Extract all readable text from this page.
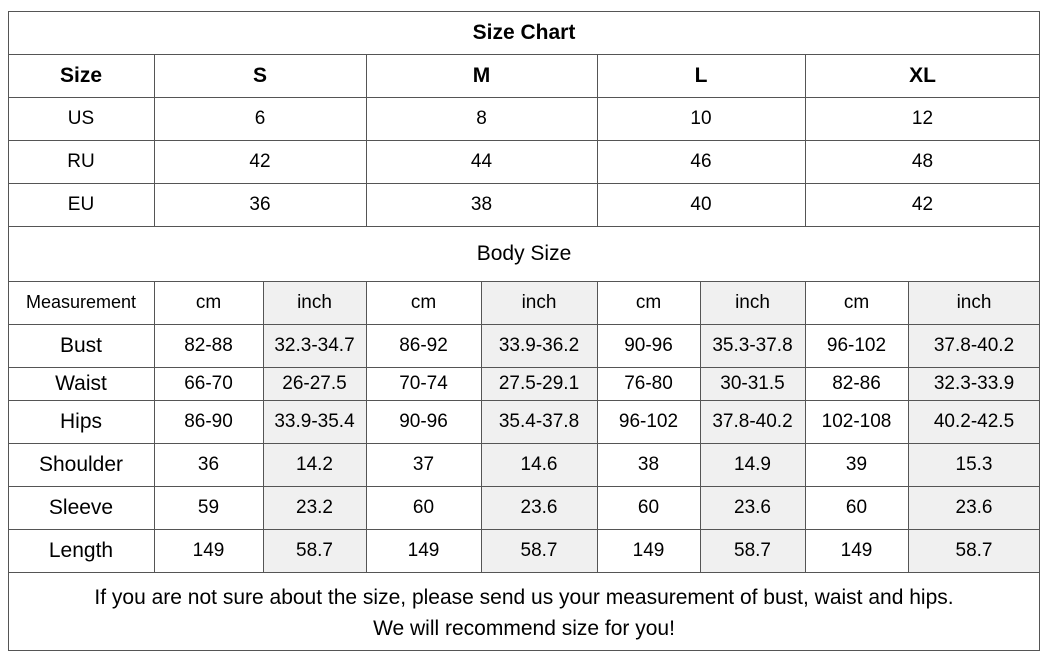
Size Chart
Size	S	M	L	XL
US	6	8	10	12
RU	42	44	46	48
EU	36	38	40	42
Body Size
Measurement	cm	inch	cm	inch	cm	inch	cm	inch
Bust	82-88	32.3-34.7	86-92	33.9-36.2	90-96	35.3-37.8	96-102	37.8-40.2
Waist	66-70	26-27.5	70-74	27.5-29.1	76-80	30-31.5	82-86	32.3-33.9
Hips	86-90	33.9-35.4	90-96	35.4-37.8	96-102	37.8-40.2	102-108	40.2-42.5
Shoulder	36	14.2	37	14.6	38	14.9	39	15.3
Sleeve	59	23.2	60	23.6	60	23.6	60	23.6
Length	149	58.7	149	58.7	149	58.7	149	58.7
If you are not sure about the size, please send us your measurement of bust, waist and hips.
We will recommend size for you!
